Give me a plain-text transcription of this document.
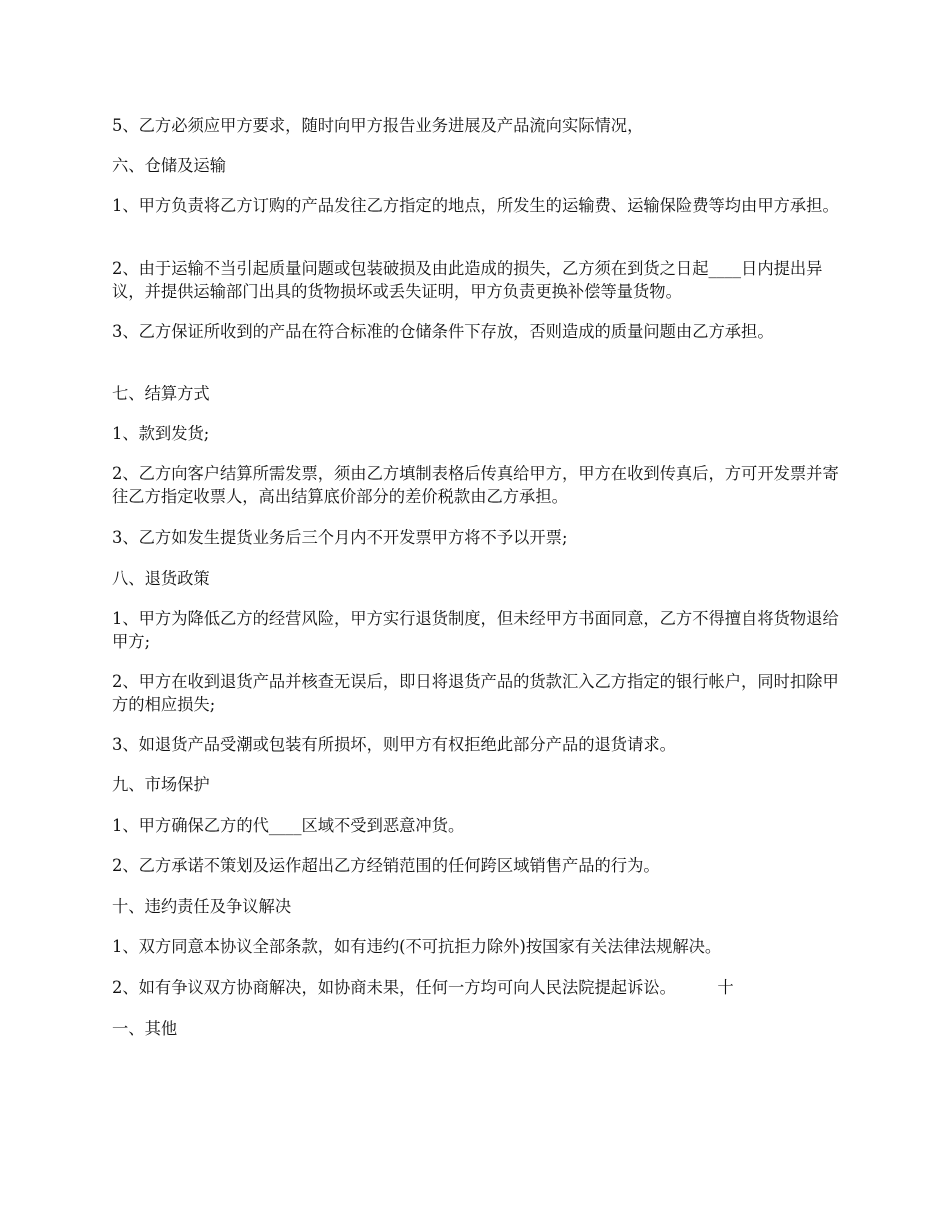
5、乙方必须应甲方要求，随时向甲方报告业务进展及产品流向实际情况，

六、仓储及运输

1、甲方负责将乙方订购的产品发往乙方指定的地点，所发生的运输费、运输保险费等均由甲方承担。

2、由于运输不当引起质量问题或包装破损及由此造成的损失，乙方须在到货之日起____日内提出异议，并提供运输部门出具的货物损坏或丢失证明，甲方负责更换补偿等量货物。

3、乙方保证所收到的产品在符合标准的仓储条件下存放，否则造成的质量问题由乙方承担。

七、结算方式

1、款到发货;

2、乙方向客户结算所需发票，须由乙方填制表格后传真给甲方，甲方在收到传真后，方可开发票并寄往乙方指定收票人，高出结算底价部分的差价税款由乙方承担。

3、乙方如发生提货业务后三个月内不开发票甲方将不予以开票;

八、退货政策

1、甲方为降低乙方的经营风险，甲方实行退货制度，但未经甲方书面同意，乙方不得擅自将货物退给甲方;

2、甲方在收到退货产品并核查无误后，即日将退货产品的货款汇入乙方指定的银行帐户，同时扣除甲方的相应损失;

3、如退货产品受潮或包装有所损坏，则甲方有权拒绝此部分产品的退货请求。

九、市场保护

1、甲方确保乙方的代____区域不受到恶意冲货。

2、乙方承诺不策划及运作超出乙方经销范围的任何跨区域销售产品的行为。

十、违约责任及争议解决

1、双方同意本协议全部条款，如有违约(不可抗拒力除外)按国家有关法律法规解决。

2、如有争议双方协商解决，如协商未果，任何一方均可向人民法院提起诉讼。        十

一、其他
